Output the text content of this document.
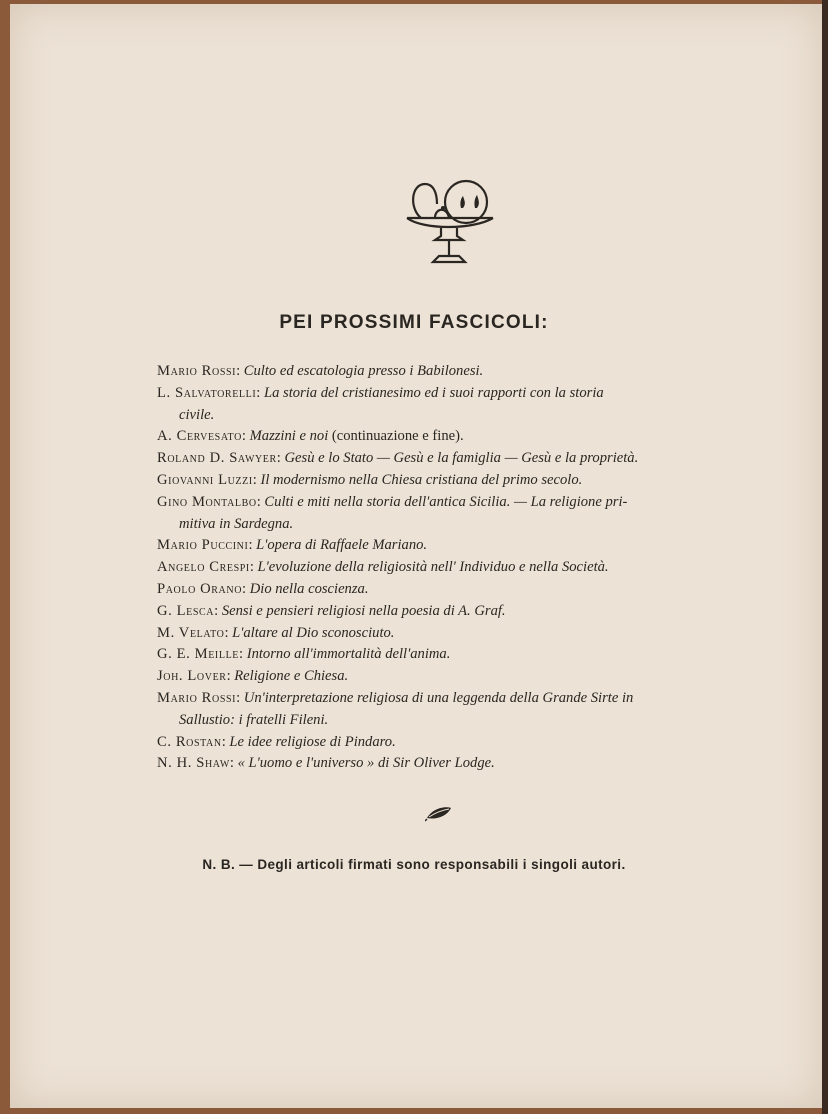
PEI PROSSIMI FASCICOLI:

Mario Rossi: Culto ed escatologia presso i Babilonesi.

L. Salvatorelli: La storia del cristianesimo ed i suoi rapporti con la storia
civile.

A. Cervesato: Mazzini e noi (continuazione e fine).

Roland D. Sawyer: Gesù e lo Stato — Gesù e la famiglia — Gesù e la proprietà.

Giovanni Luzzi: Il modernismo nella Chiesa cristiana del primo secolo.

Gino Montalbo: Culti e miti nella storia dell'antica Sicilia. — La religione pri-
mitiva in Sardegna.

Mario Puccini: L'opera di Raffaele Mariano.

Angelo Crespi: L'evoluzione della religiosità nell' Individuo e nella Società.

Paolo Orano: Dio nella coscienza.

G. Lesca: Sensi e pensieri religiosi nella poesia di A. Graf.

M. Velato: L'altare al Dio sconosciuto.

G. E. Meille: Intorno all'immortalità dell'anima.

Joh. Lover: Religione e Chiesa.

Mario Rossi: Un'interpretazione religiosa di una leggenda della Grande Sirte in
Sallustio: i fratelli Fileni.

C. Rostan: Le idee religiose di Pindaro.

N. H. Shaw: « L'uomo e l'universo » di Sir Oliver Lodge.

N. B. — Degli articoli firmati sono responsabili i singoli autori.
